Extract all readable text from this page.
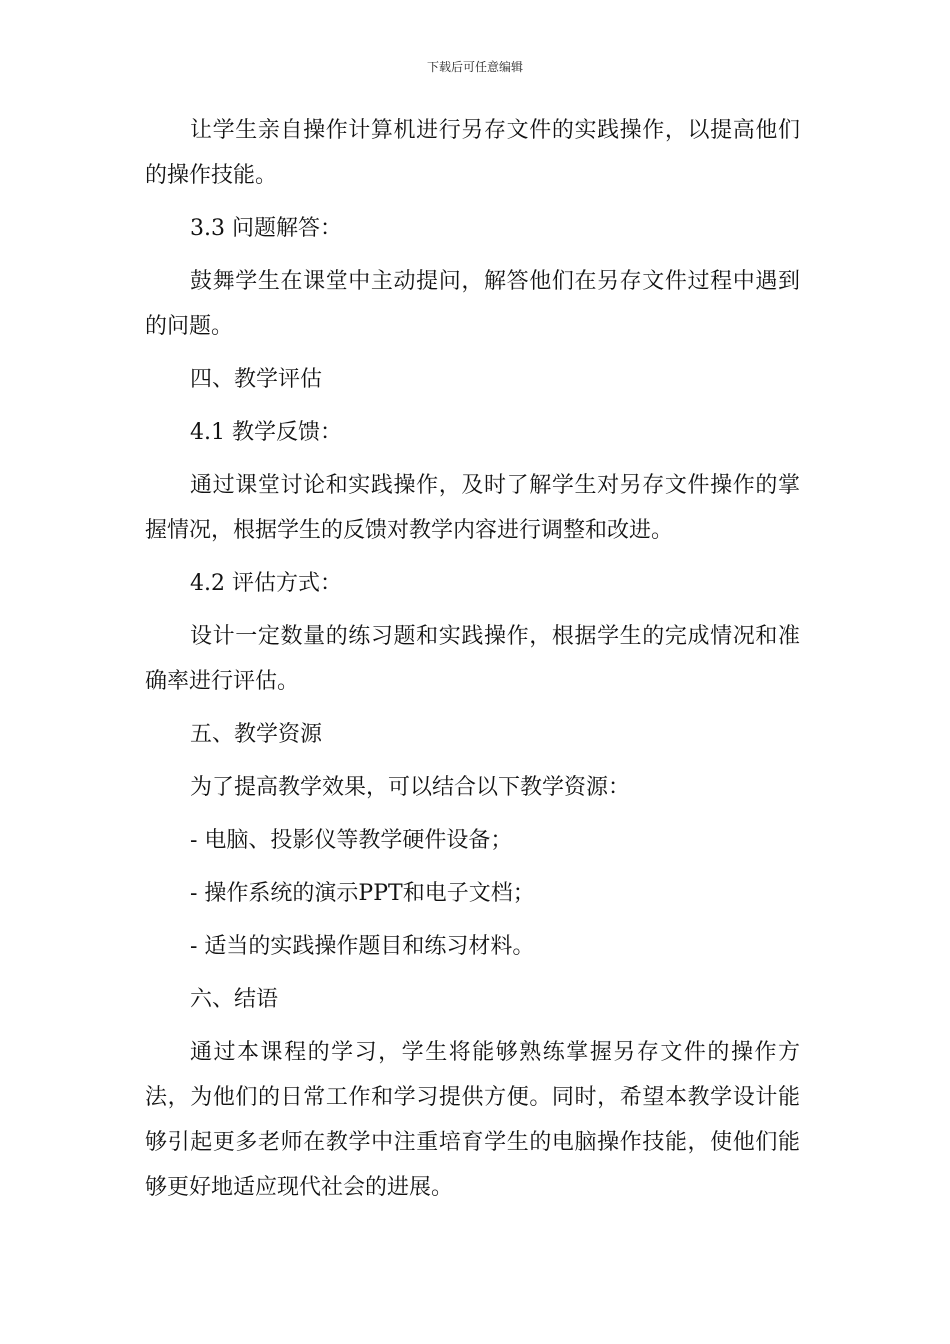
下载后可任意编辑

让学生亲自操作计算机进行另存文件的实践操作，以提高他们的操作技能。

3.3 问题解答：

鼓舞学生在课堂中主动提问，解答他们在另存文件过程中遇到的问题。

四、教学评估

4.1 教学反馈：

通过课堂讨论和实践操作，及时了解学生对另存文件操作的掌握情况，根据学生的反馈对教学内容进行调整和改进。

4.2 评估方式：

设计一定数量的练习题和实践操作，根据学生的完成情况和准确率进行评估。

五、教学资源

为了提高教学效果，可以结合以下教学资源：

- 电脑、投影仪等教学硬件设备；

- 操作系统的演示PPT和电子文档；

- 适当的实践操作题目和练习材料。

六、结语

通过本课程的学习，学生将能够熟练掌握另存文件的操作方法，为他们的日常工作和学习提供方便。同时，希望本教学设计能够引起更多老师在教学中注重培育学生的电脑操作技能，使他们能够更好地适应现代社会的进展。
